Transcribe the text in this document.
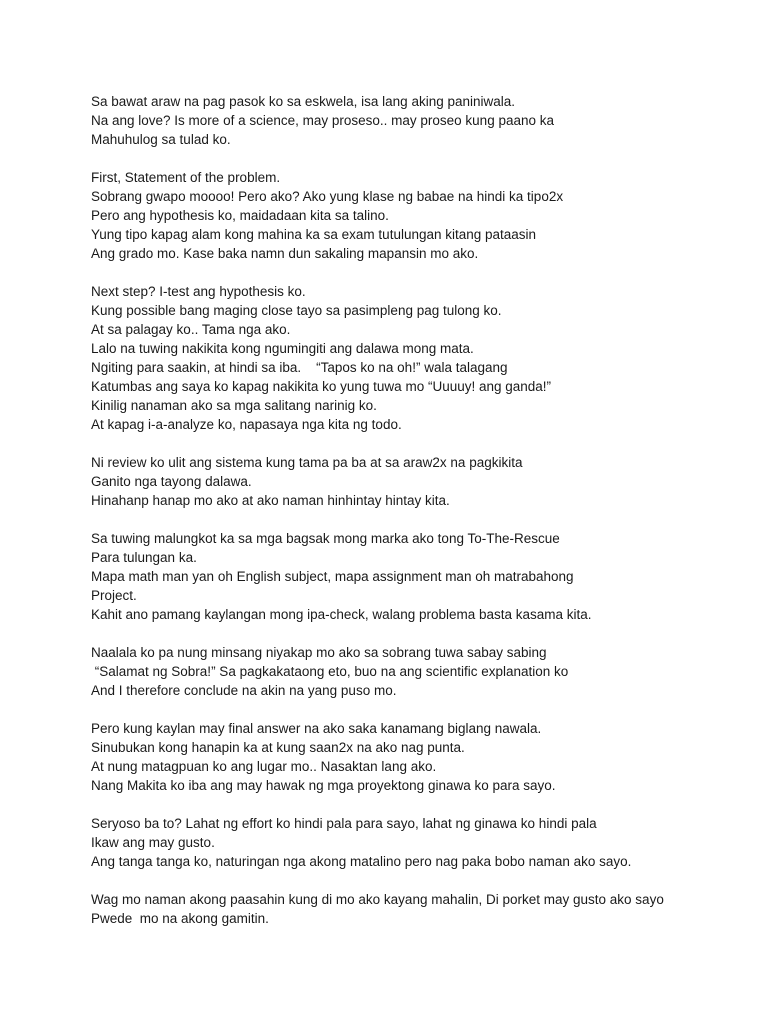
Sa bawat araw na pag pasok ko sa eskwela, isa lang aking paniniwala.
Na ang love? Is more of a science, may proseso.. may proseo kung paano ka
Mahuhulog sa tulad ko.
First, Statement of the problem.
Sobrang gwapo moooo! Pero ako? Ako yung klase ng babae na hindi ka tipo2x
Pero ang hypothesis ko, maidadaan kita sa talino.
Yung tipo kapag alam kong mahina ka sa exam tutulungan kitang pataasin
Ang grado mo. Kase baka namn dun sakaling mapansin mo ako.
Next step? I-test ang hypothesis ko.
Kung possible bang maging close tayo sa pasimpleng pag tulong ko.
At sa palagay ko.. Tama nga ako.
Lalo na tuwing nakikita kong ngumingiti ang dalawa mong mata.
Ngiting para saakin, at hindi sa iba.    “Tapos ko na oh!” wala talagang
Katumbas ang saya ko kapag nakikita ko yung tuwa mo “Uuuuy! ang ganda!”
Kinilig nanaman ako sa mga salitang narinig ko.
At kapag i-a-analyze ko, napasaya nga kita ng todo.
Ni review ko ulit ang sistema kung tama pa ba at sa araw2x na pagkikita
Ganito nga tayong dalawa.
Hinahanp hanap mo ako at ako naman hinhintay hintay kita.
Sa tuwing malungkot ka sa mga bagsak mong marka ako tong To-The-Rescue
Para tulungan ka.
Mapa math man yan oh English subject, mapa assignment man oh matrabahong
Project.
Kahit ano pamang kaylangan mong ipa-check, walang problema basta kasama kita.
Naalala ko pa nung minsang niyakap mo ako sa sobrang tuwa sabay sabing
“Salamat ng Sobra!” Sa pagkakataong eto, buo na ang scientific explanation ko
And I therefore conclude na akin na yang puso mo.
Pero kung kaylan may final answer na ako saka kanamang biglang nawala.
Sinubukan kong hanapin ka at kung saan2x na ako nag punta.
At nung matagpuan ko ang lugar mo.. Nasaktan lang ako.
Nang Makita ko iba ang may hawak ng mga proyektong ginawa ko para sayo.
Seryoso ba to? Lahat ng effort ko hindi pala para sayo, lahat ng ginawa ko hindi pala
Ikaw ang may gusto.
Ang tanga tanga ko, naturingan nga akong matalino pero nag paka bobo naman ako sayo.
Wag mo naman akong paasahin kung di mo ako kayang mahalin, Di porket may gusto ako sayo
Pwede  mo na akong gamitin.
